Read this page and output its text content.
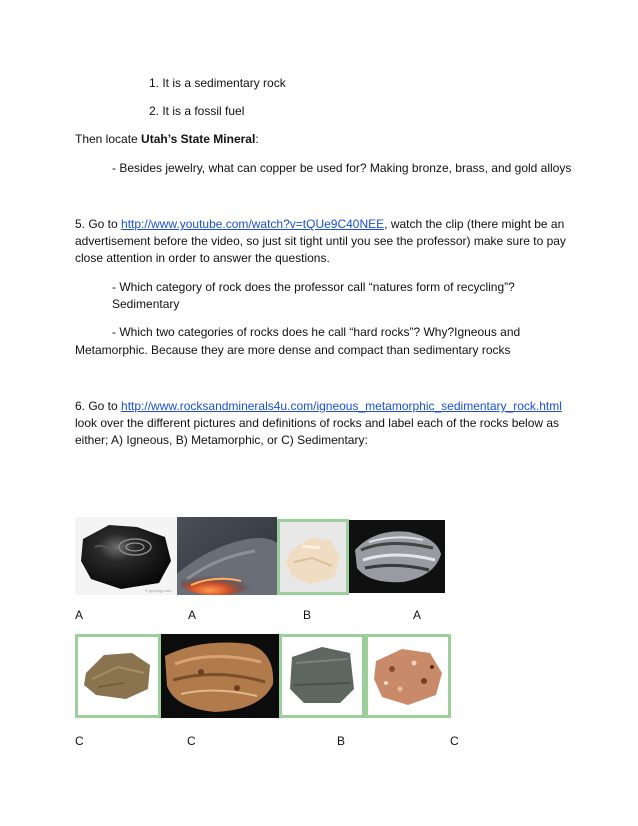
1. It is a sedimentary rock
2. It is a fossil fuel
Then locate Utah’s State Mineral:
- Besides jewelry, what can copper be used for? Making bronze, brass, and gold alloys
5. Go to http://www.youtube.com/watch?v=tQUe9C40NEE, watch the clip (there might be an
advertisement before the video, so just sit tight until you see the professor) make sure to pay
close attention in order to answer the questions.
- Which category of rock does the professor call “natures form of recycling”?
Sedimentary
- Which two categories of rocks does he call “hard rocks”? Why?Igneous and
Metamorphic. Because they are more dense and compact than sedimentary rocks
6. Go to http://www.rocksandminerals4u.com/igneous_metamorphic_sedimentary_rock.html
look over the different pictures and definitions of rocks and label each of the rocks below as
either; A) Igneous, B) Metamorphic, or C) Sedimentary:
© geology.com
A	A	B	A
C	C	B	C
